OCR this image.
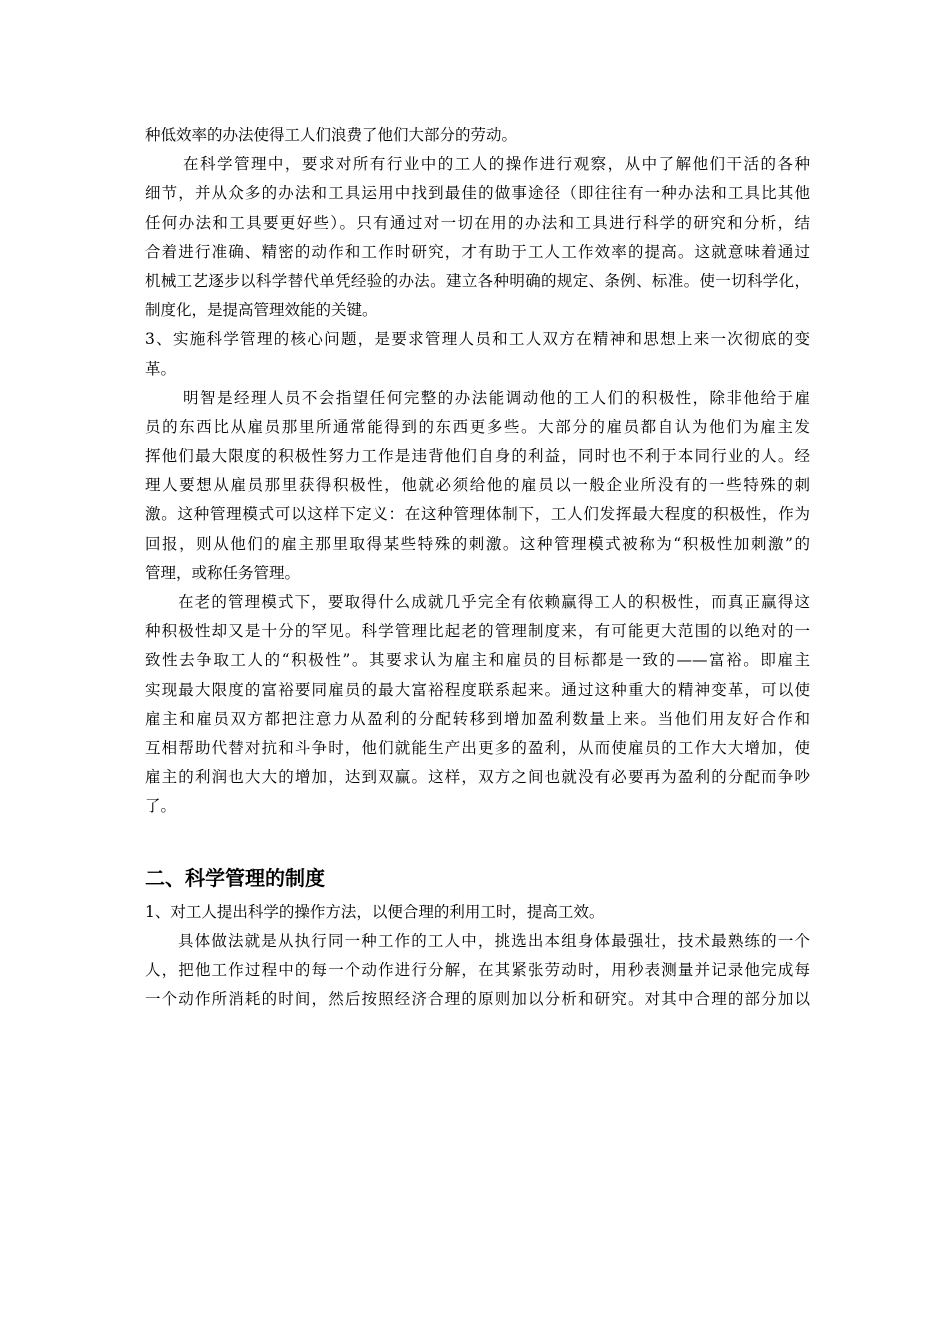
种低效率的办法使得工人们浪费了他们大部分的劳动。
在科学管理中，要求对所有行业中的工人的操作进行观察，从中了解他们干活的各种
细节，并从众多的办法和工具运用中找到最佳的做事途径（即往往有一种办法和工具比其他
任何办法和工具要更好些）。只有通过对一切在用的办法和工具进行科学的研究和分析，结
合着进行准确、精密的动作和工作时研究，才有助于工人工作效率的提高。这就意味着通过
机械工艺逐步以科学替代单凭经验的办法。建立各种明确的规定、条例、标准。使一切科学化，
制度化，是提高管理效能的关键。
3、实施科学管理的核心问题，是要求管理人员和工人双方在精神和思想上来一次彻底的变
革。
明智是经理人员不会指望任何完整的办法能调动他的工人们的积极性，除非他给于雇
员的东西比从雇员那里所通常能得到的东西更多些。大部分的雇员都自认为他们为雇主发
挥他们最大限度的积极性努力工作是违背他们自身的利益，同时也不利于本同行业的人。经
理人要想从雇员那里获得积极性，他就必须给他的雇员以一般企业所没有的一些特殊的刺
激。这种管理模式可以这样下定义：在这种管理体制下，工人们发挥最大程度的积极性，作为
回报，则从他们的雇主那里取得某些特殊的刺激。这种管理模式被称为“积极性加刺激”的
管理，或称任务管理。
在老的管理模式下，要取得什么成就几乎完全有依赖赢得工人的积极性，而真正赢得这
种积极性却又是十分的罕见。科学管理比起老的管理制度来，有可能更大范围的以绝对的一
致性去争取工人的“积极性”。其要求认为雇主和雇员的目标都是一致的——富裕。即雇主
实现最大限度的富裕要同雇员的最大富裕程度联系起来。通过这种重大的精神变革，可以使
雇主和雇员双方都把注意力从盈利的分配转移到增加盈利数量上来。当他们用友好合作和
互相帮助代替对抗和斗争时，他们就能生产出更多的盈利，从而使雇员的工作大大增加，使
雇主的利润也大大的增加，达到双赢。这样，双方之间也就没有必要再为盈利的分配而争吵
了。
二、科学管理的制度
1、对工人提出科学的操作方法，以便合理的利用工时，提高工效。
具体做法就是从执行同一种工作的工人中，挑选出本组身体最强壮，技术最熟练的一个
人，把他工作过程中的每一个动作进行分解，在其紧张劳动时，用秒表测量并记录他完成每
一个动作所消耗的时间，然后按照经济合理的原则加以分析和研究。对其中合理的部分加以
